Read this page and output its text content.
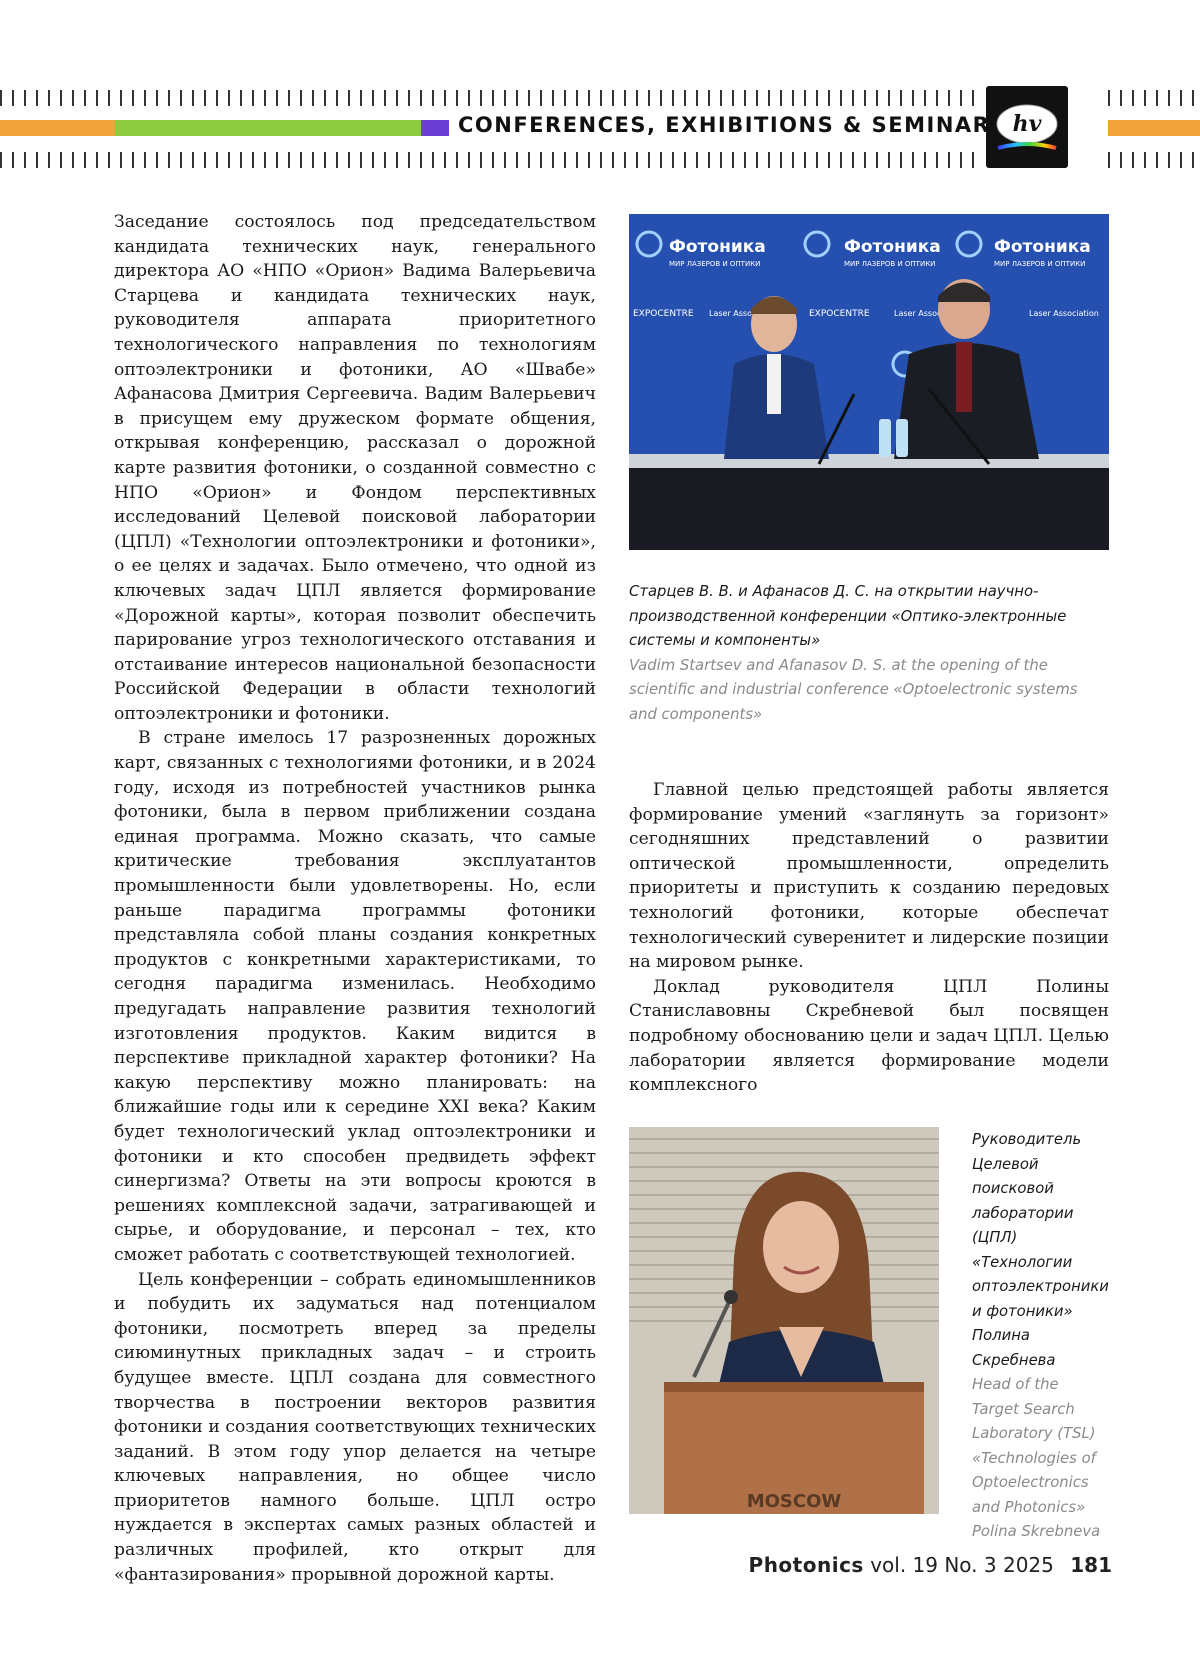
CONFERENCES, EXHIBITIONS & SEMINARS hv

Заседание состоялось под председательством кандидата технических наук, генерального директора АО «НПО «Орион» Вадима Валерьевича Старцева и кандидата технических наук, руководителя аппарата приоритетного технологического направления по технологиям оптоэлектроники и фотоники, АО «Швабе» Афанасова Дмитрия Сергеевича. Вадим Валерьевич в присущем ему дружеском формате общения, открывая конференцию, рассказал о дорожной карте развития фотоники, о созданной совместно с НПО «Орион» и Фондом перспективных исследований Целевой поисковой лаборатории (ЦПЛ) «Технологии оптоэлектроники и фотоники», о ее целях и задачах. Было отмечено, что одной из ключевых задач ЦПЛ является формирование «Дорожной карты», которая позволит обеспечить парирование угроз технологического отставания и отстаивание интересов национальной безопасности Российской Федерации в области технологий оптоэлектроники и фотоники.

В стране имелось 17 разрозненных дорожных карт, связанных с технологиями фотоники, и в 2024 году, исходя из потребностей участников рынка фотоники, была в первом приближении создана единая программа. Можно сказать, что самые критические требования эксплуатантов промышленности были удовлетворены. Но, если раньше парадигма программы фотоники представляла собой планы создания конкретных продуктов с конкретными характеристиками, то сегодня парадигма изменилась. Необходимо предугадать направление развития технологий изготовления продуктов. Каким видится в перспективе прикладной характер фотоники? На какую перспективу можно планировать: на ближайшие годы или к середине XXI века? Каким будет технологический уклад оптоэлектроники и фотоники и кто способен предвидеть эффект синергизма? Ответы на эти вопросы кроются в решениях комплексной задачи, затрагивающей и сырье, и оборудование, и персонал – тех, кто сможет работать с соответствующей технологией.

Цель конференции – собрать единомышленников и побудить их задуматься над потенциалом фотоники, посмотреть вперед за пределы сиюминутных прикладных задач – и строить будущее вместе. ЦПЛ создана для совместного творчества в построении векторов развития фотоники и создания соответствующих технических заданий. В этом году упор делается на четыре ключевых направления, но общее число приоритетов намного больше. ЦПЛ остро нуждается в экспертах самых разных областей и различных профилей, кто открыт для «фантазирования» прорывной дорожной карты.

Фотоника
МИР ЛАЗЕРОВ И ОПТИКИ
Фотоника
МИР ЛАЗЕРОВ И ОПТИКИ
Фотоника
МИР ЛАЗЕРОВ И ОПТИКИ
EXPOCENTRE Laser Association	EXPOCENTRE	Laser Association	Laser Association
Старцев В. В. и Афанасов Д. С. на открытии научно-производственной конференции «Оптико-электронные системы и компоненты»
Vadim Startsev and Afanasov D. S. at the opening of the scientific and industrial conference «Optoelectronic systems and components»

Главной целью предстоящей работы является формирование умений «заглянуть за горизонт» сегодняшних представлений о развитии оптической промышленности, определить приоритеты и приступить к созданию передовых технологий фотоники, которые обеспечат технологический суверенитет и лидерские позиции на мировом рынке.

Доклад руководителя ЦПЛ Полины Станиславовны Скребневой был посвящен подробному обоснованию цели и задач ЦПЛ. Целью лаборатории является формирование модели комплексного

MOSCOW
Руководитель Целевой поисковой лаборатории (ЦПЛ) «Технологии оптоэлектроники и фотоники» Полина Скребнева
Head of the Target Search Laboratory (TSL) «Technologies of Optoelectronics and Photonics» Polina Skrebneva
Photonics vol. 19 No. 3 2025 181
